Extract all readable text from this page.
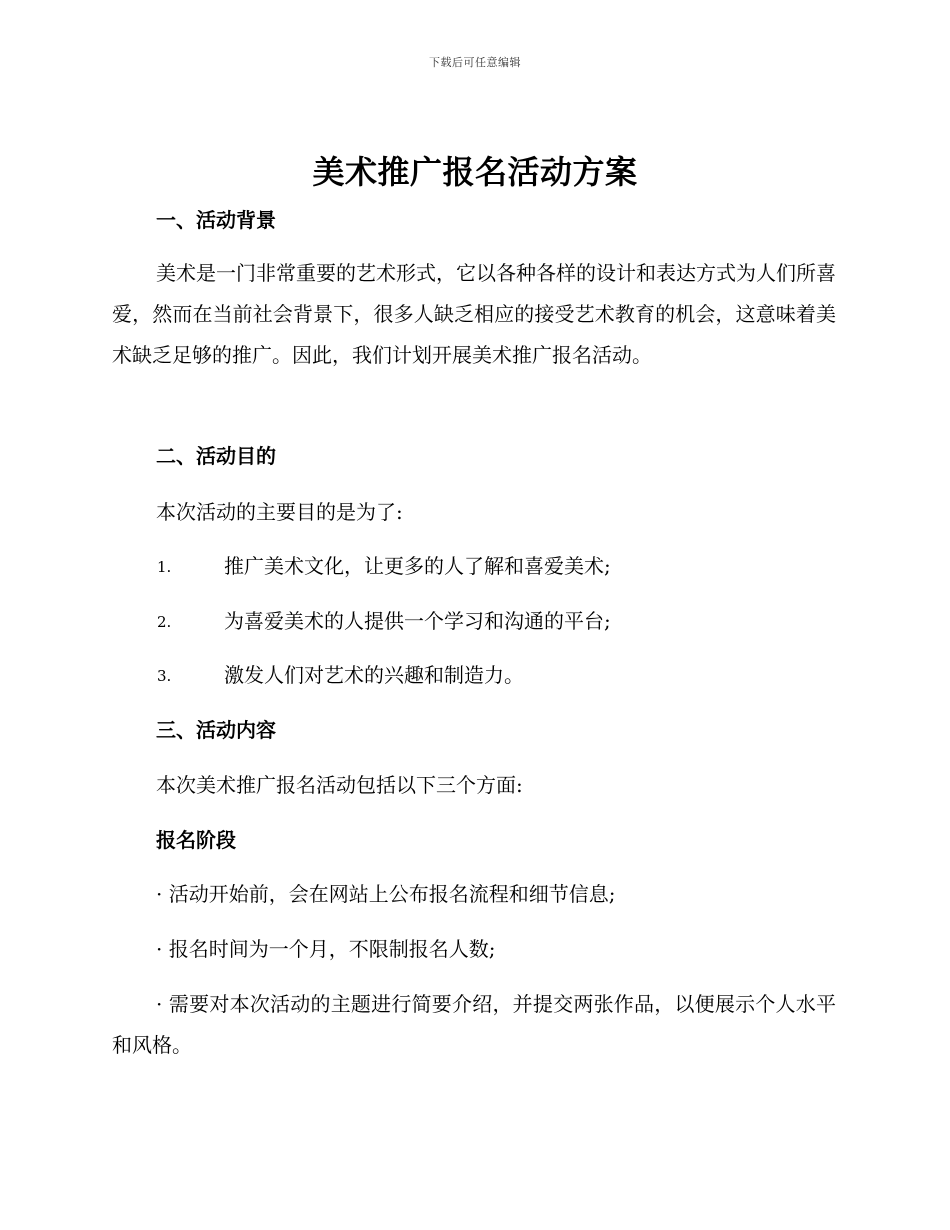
下载后可任意编辑
美术推广报名活动方案
一、活动背景

美术是一门非常重要的艺术形式，它以各种各样的设计和表达方式为人们所喜爱，然而在当前社会背景下，很多人缺乏相应的接受艺术教育的机会，这意味着美术缺乏足够的推广。因此，我们计划开展美术推广报名活动。

二、活动目的
本次活动的主要目的是为了:
1.	推广美术文化，让更多的人了解和喜爱美术;
2.	为喜爱美术的人提供一个学习和沟通的平台;
3.	激发人们对艺术的兴趣和制造力。
三、活动内容
本次美术推广报名活动包括以下三个方面:
报名阶段
· 活动开始前，会在网站上公布报名流程和细节信息;
· 报名时间为一个月，不限制报名人数;

· 需要对本次活动的主题进行简要介绍，并提交两张作品，以便展示个人水平和风格。
